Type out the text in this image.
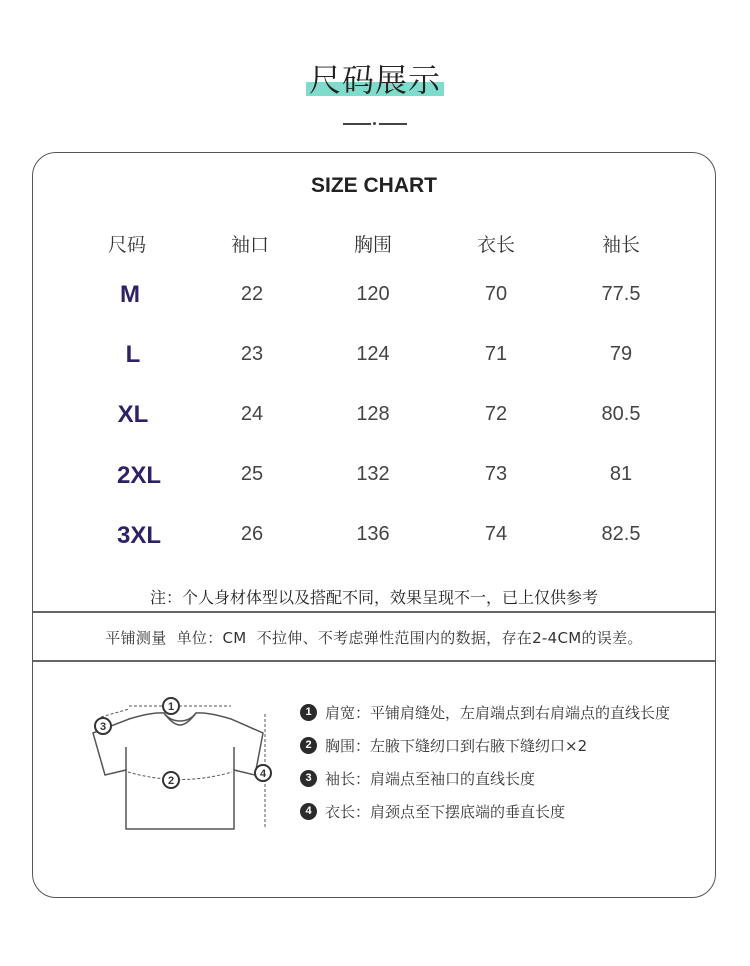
尺码展示
SIZE CHART
尺码	袖口	胸围	衣长	袖长
M	22	120	70	77.5
L	23	124	71	79
XL	24	128	72	80.5
2XL	25	132	73	81
3XL	26	136	74	82.5
注：个人身材体型以及搭配不同，效果呈现不一，已上仅供参考
平铺测量  单位：CM  不拉伸、不考虑弹性范围内的数据，存在2-4CM的误差。
1
2
3
4
1 肩宽：平铺肩缝处，左肩端点到右肩端点的直线长度
2 胸围：左腋下缝纫口到右腋下缝纫口×2
3 袖长：肩端点至袖口的直线长度
4 衣长：肩颈点至下摆底端的垂直长度
